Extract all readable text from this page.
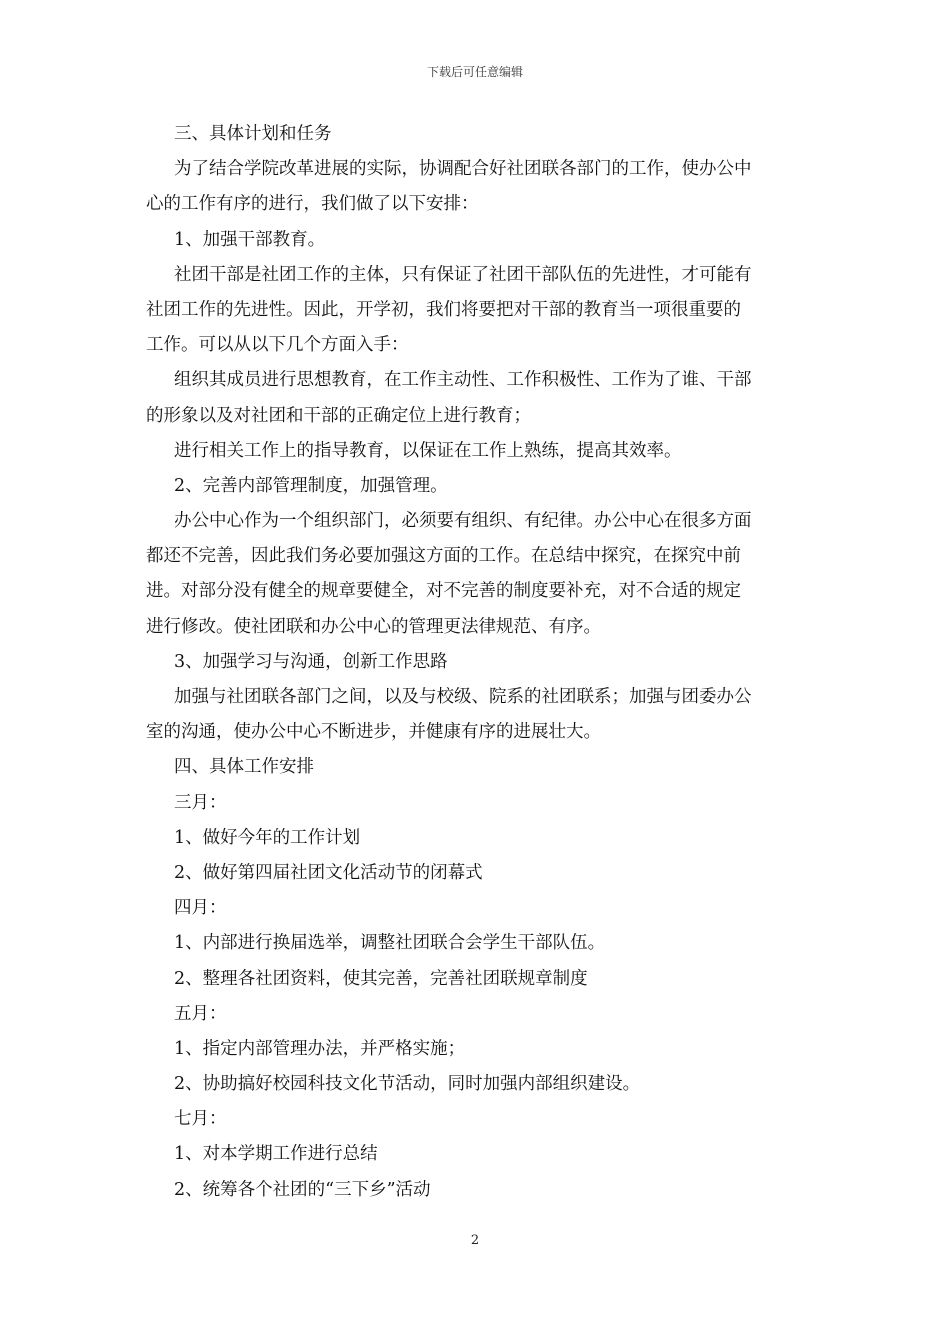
下载后可任意编辑
三、具体计划和任务
为了结合学院改革进展的实际，协调配合好社团联各部门的工作，使办公中
心的工作有序的进行，我们做了以下安排：
1、加强干部教育。
社团干部是社团工作的主体，只有保证了社团干部队伍的先进性，才可能有
社团工作的先进性。因此，开学初，我们将要把对干部的教育当一项很重要的
工作。可以从以下几个方面入手：
组织其成员进行思想教育，在工作主动性、工作积极性、工作为了谁、干部
的形象以及对社团和干部的正确定位上进行教育；
进行相关工作上的指导教育，以保证在工作上熟练，提高其效率。
2、完善内部管理制度，加强管理。
办公中心作为一个组织部门，必须要有组织、有纪律。办公中心在很多方面
都还不完善，因此我们务必要加强这方面的工作。在总结中探究，在探究中前
进。对部分没有健全的规章要健全，对不完善的制度要补充，对不合适的规定
进行修改。使社团联和办公中心的管理更法律规范、有序。
3、加强学习与沟通，创新工作思路
加强与社团联各部门之间，以及与校级、院系的社团联系；加强与团委办公
室的沟通，使办公中心不断进步，并健康有序的进展壮大。
四、具体工作安排
三月：
1、做好今年的工作计划
2、做好第四届社团文化活动节的闭幕式
四月：
1、内部进行换届选举，调整社团联合会学生干部队伍。
2、整理各社团资料，使其完善，完善社团联规章制度
五月：
1、指定内部管理办法，并严格实施；
2、协助搞好校园科技文化节活动，同时加强内部组织建设。
七月：
1、对本学期工作进行总结
2、统筹各个社团的“三下乡”活动
2
